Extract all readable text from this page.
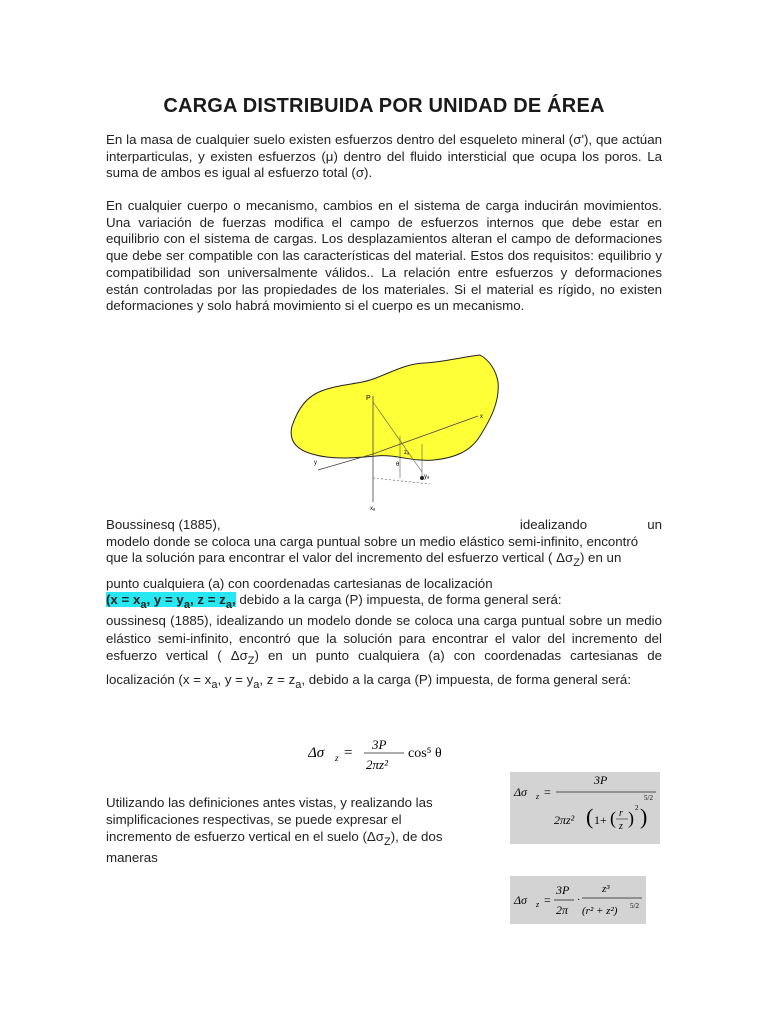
CARGA DISTRIBUIDA POR UNIDAD DE ÁREA

En la masa de cualquier suelo existen esfuerzos dentro del esqueleto mineral (σ'), que actúan interparticulas, y existen esfuerzos (μ) dentro del fluido intersticial que ocupa los poros. La suma de ambos es igual al esfuerzo total (σ).

En cualquier cuerpo o mecanismo, cambios en el sistema de carga inducirán movimientos. Una variación de fuerzas modifica el campo de esfuerzos internos que debe estar en equilibrio con el sistema de cargas. Los desplazamientos alteran el campo de deformaciones que debe ser compatible con las características del material. Estos dos requisitos: equilibrio y compatibilidad son universalmente válidos.. La relación entre esfuerzos y deformaciones están controladas por las propiedades de los materiales. Si el material es rígido, no existen deformaciones y solo habrá movimiento si el cuerpo es un mecanismo.

P
x
y
zₐ
yₐ
θ
xₐ
Boussinesq (1885),	idealizando	un
modelo donde se coloca una carga puntual sobre un medio elástico semi-infinito, encontró
que la solución para encontrar el valor del incremento del esfuerzo vertical ( $\Delta\sigma_Z$) en un
punto cualquiera (a) con coordenadas cartesianas de localización
($x = x_a$, $y = y_a$, $z = z_a$, debido a la carga (P) impuesta, de forma general será:
oussinesq (1885), idealizando un modelo donde se coloca una carga puntual sobre un medio elástico semi-infinito, encontró que la solución para encontrar el valor del incremento del esfuerzo vertical ( $\Delta\sigma_Z$) en un punto cualquiera (a) con coordenadas cartesianas de localización ($x = x_a$, $y = y_a$, $z = z_a$, debido a la carga (P) impuesta, de forma general será:
Δσ z =
3P
2πz²
cos⁵ θ
Utilizando las definiciones antes vistas, y realizando las simplificaciones respectivas, se puede expresar el incremento de esfuerzo vertical en el suelo $(\Delta\sigma_Z)$, de dos maneras
Δσ z =
3P
2πz² ( 1+ ( r
z ) 2 )
5/2
Δσ z =
3P
2π
·
z³
(r² + z²) 5/2
